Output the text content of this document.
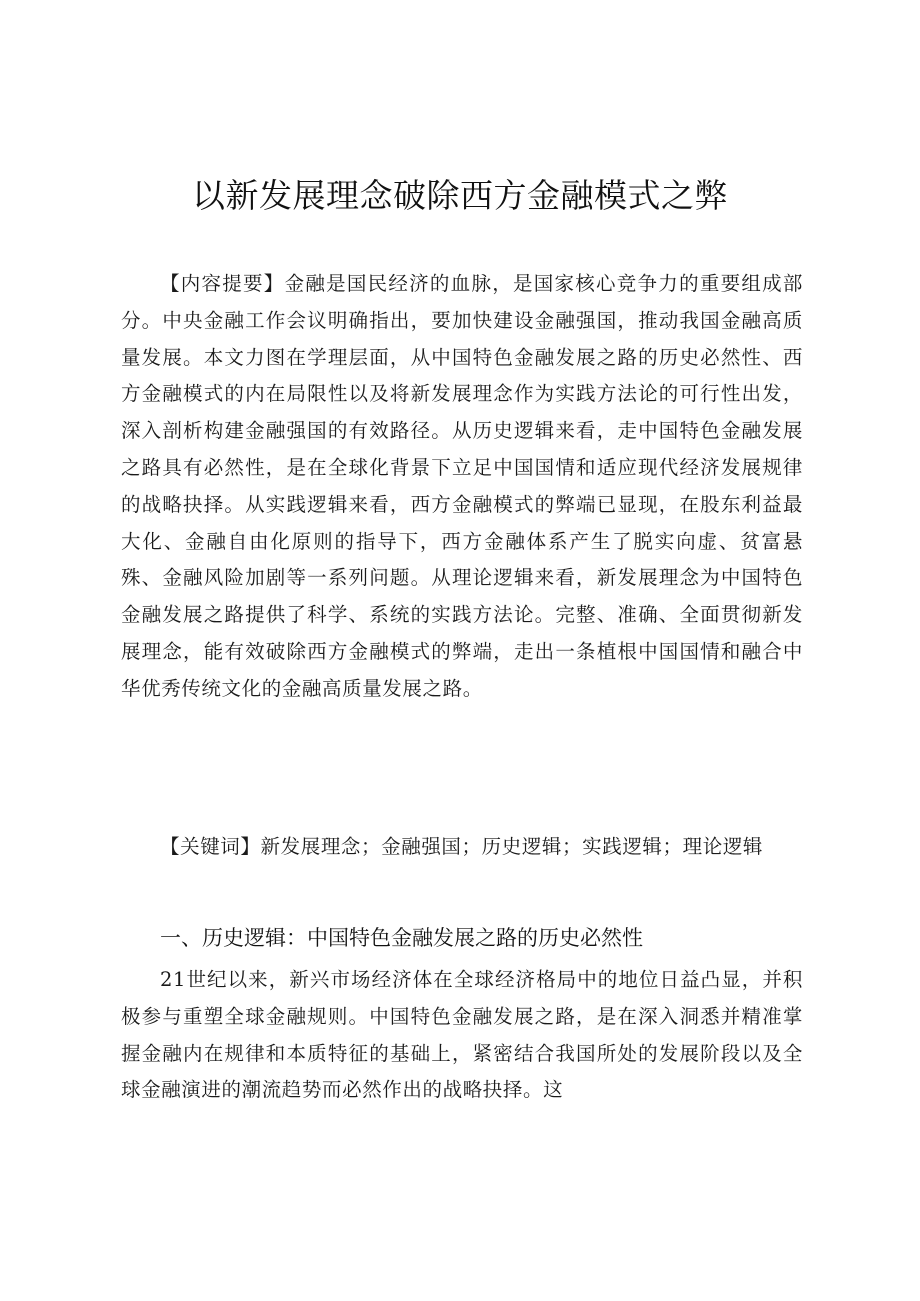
以新发展理念破除西方金融模式之弊

【内容提要】金融是国民经济的血脉，是国家核心竞争力的重要组成部分。中央金融工作会议明确指出，要加快建设金融强国，推动我国金融高质量发展。本文力图在学理层面，从中国特色金融发展之路的历史必然性、西方金融模式的内在局限性以及将新发展理念作为实践方法论的可行性出发，深入剖析构建金融强国的有效路径。从历史逻辑来看，走中国特色金融发展之路具有必然性，是在全球化背景下立足中国国情和适应现代经济发展规律的战略抉择。从实践逻辑来看，西方金融模式的弊端已显现，在股东利益最大化、金融自由化原则的指导下，西方金融体系产生了脱实向虚、贫富悬殊、金融风险加剧等一系列问题。从理论逻辑来看，新发展理念为中国特色金融发展之路提供了科学、系统的实践方法论。完整、准确、全面贯彻新发展理念，能有效破除西方金融模式的弊端，走出一条植根中国国情和融合中华优秀传统文化的金融高质量发展之路。

【关键词】新发展理念；金融强国；历史逻辑；实践逻辑；理论逻辑

一、历史逻辑：中国特色金融发展之路的历史必然性

21世纪以来，新兴市场经济体在全球经济格局中的地位日益凸显，并积极参与重塑全球金融规则。中国特色金融发展之路，是在深入洞悉并精准掌握金融内在规律和本质特征的基础上，紧密结合我国所处的发展阶段以及全球金融演进的潮流趋势而必然作出的战略抉择。这
